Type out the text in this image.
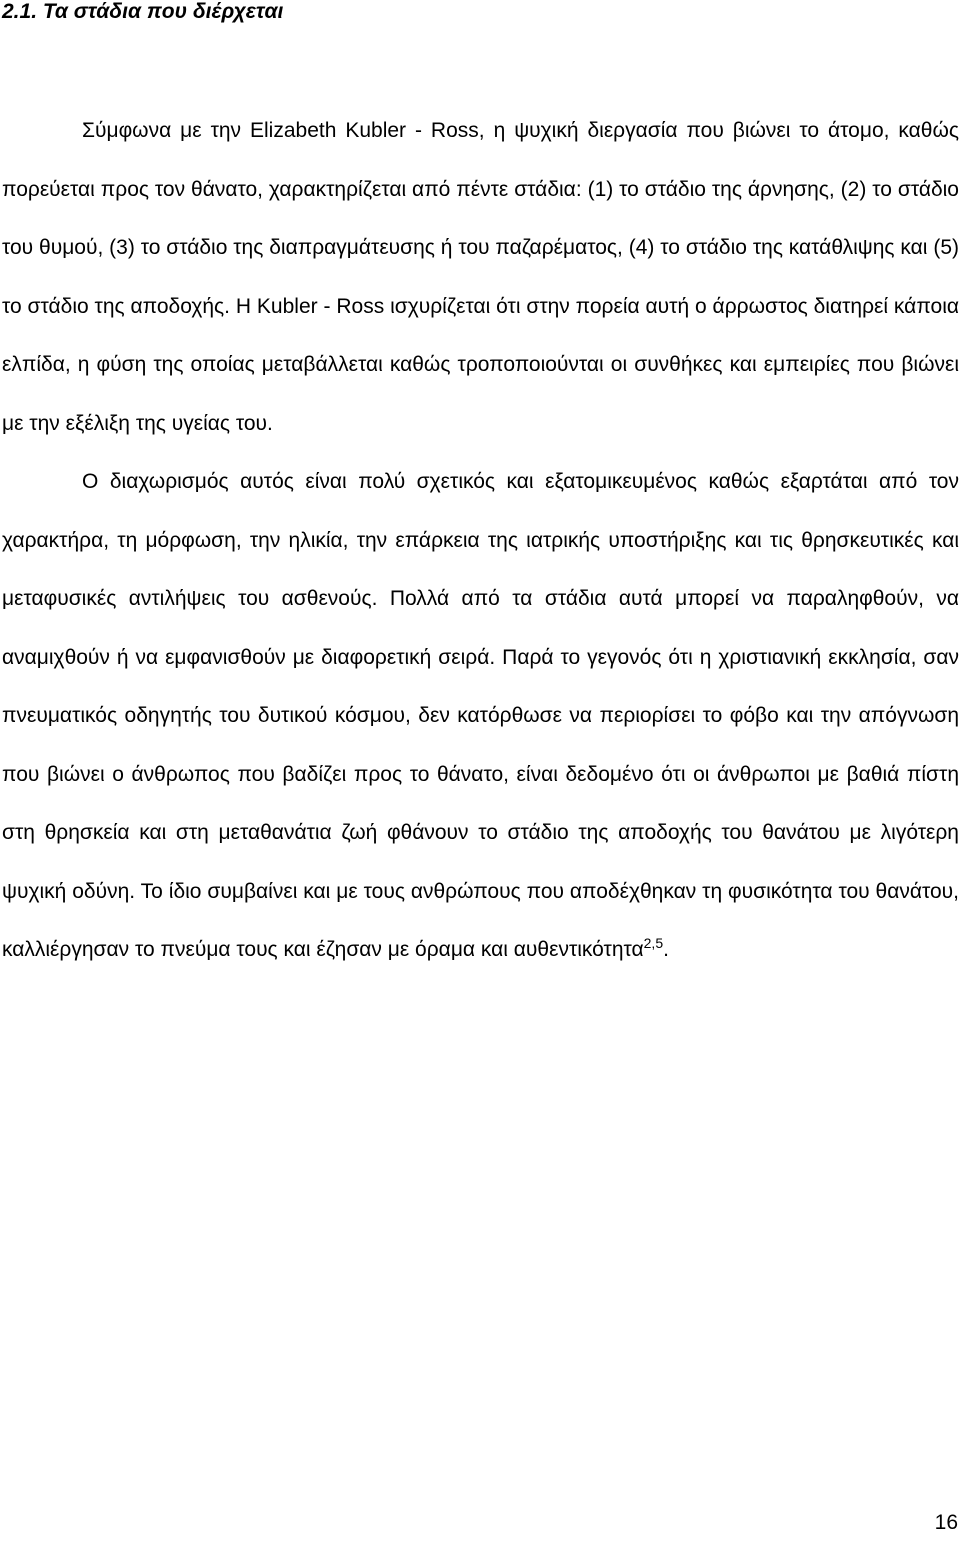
2.1. Τα στάδια που διέρχεται

Σύμφωνα με την Elizabeth Kubler - Ross, η ψυχική διεργασία που βιώνει το άτομο, καθώς πορεύεται προς τον θάνατο, χαρακτηρίζεται από πέντε στάδια: (1) το στάδιο της άρνησης, (2) το στάδιο του θυμού, (3) το στάδιο της διαπραγμάτευσης ή του παζαρέματος, (4) το στάδιο της κατάθλιψης και (5) το στάδιο της αποδοχής. Η Kubler - Ross ισχυρίζεται ότι στην πορεία αυτή ο άρρωστος διατηρεί κάποια ελπίδα, η φύση της οποίας μεταβάλλεται καθώς τροποποιούνται οι συνθήκες και εμπειρίες που βιώνει με την εξέλιξη της υγείας του.

Ο διαχωρισμός αυτός είναι πολύ σχετικός και εξατομικευμένος καθώς εξαρτάται από τον χαρακτήρα, τη μόρφωση, την ηλικία, την επάρκεια της ιατρικής υποστήριξης και τις θρησκευτικές και μεταφυσικές αντιλήψεις του ασθενούς. Πολλά από τα στάδια αυτά μπορεί να παραληφθούν, να αναμιχθούν ή να εμφανισθούν με διαφορετική σειρά. Παρά το γεγονός ότι η χριστιανική εκκλησία, σαν πνευματικός οδηγητής του δυτικού κόσμου, δεν κατόρθωσε να περιορίσει το φόβο και την απόγνωση που βιώνει ο άνθρωπος που βαδίζει προς το θάνατο, είναι δεδομένο ότι οι άνθρωποι με βαθιά πίστη στη θρησκεία και στη μεταθανάτια ζωή φθάνουν το στάδιο της αποδοχής του θανάτου με λιγότερη ψυχική οδύνη. Το ίδιο συμβαίνει και με τους ανθρώπους που αποδέχθηκαν τη φυσικότητα του θανάτου, καλλιέργησαν το πνεύμα τους και έζησαν με όραμα και αυθεντικότητα$^{2,5}$.

16
